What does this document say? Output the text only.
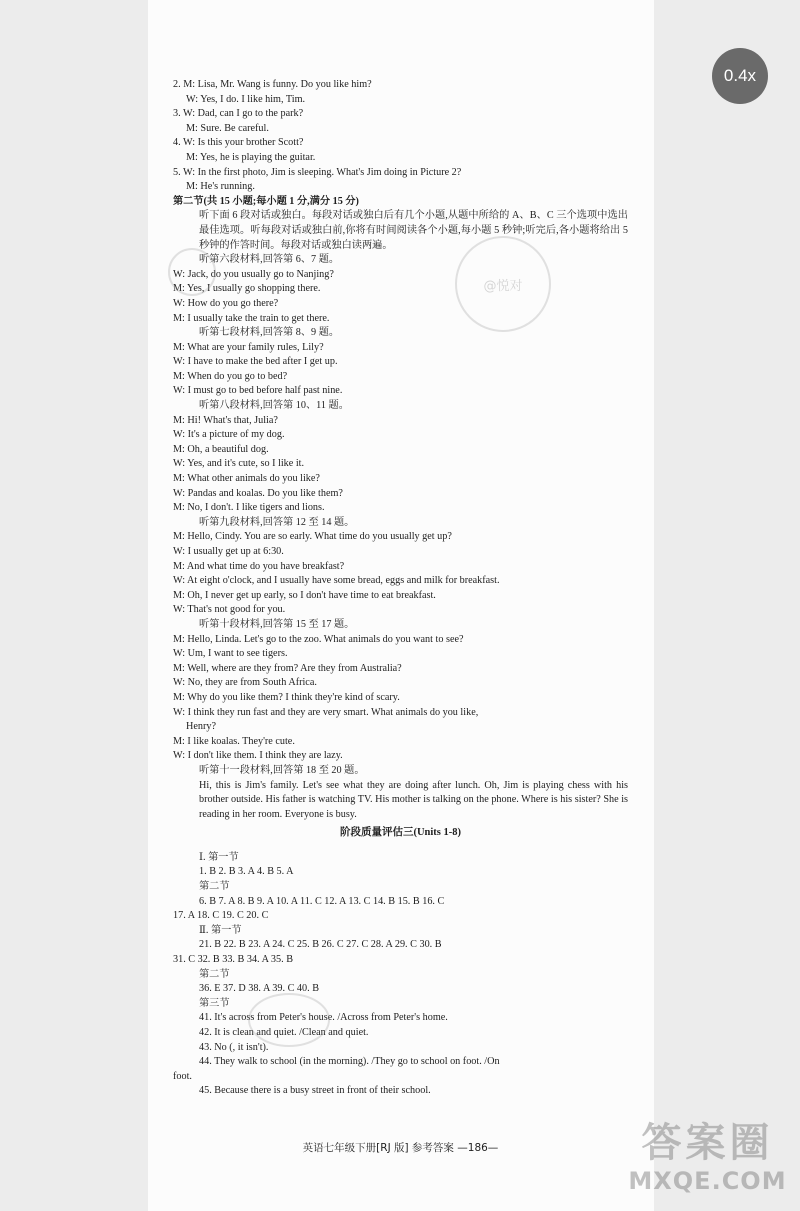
2. M: Lisa, Mr. Wang is funny. Do you like him?
W: Yes, I do. I like him, Tim.
3. W: Dad, can I go to the park?
M: Sure. Be careful.
4. W: Is this your brother Scott?
M: Yes, he is playing the guitar.
5. W: In the first photo, Jim is sleeping. What's Jim doing in Picture 2?
M: He's running.
第二节(共 15 小题;每小题 1 分,满分 15 分)
听下面 6 段对话或独白。每段对话或独白后有几个小题,从题中所给的 A、B、C 三个选项中选出最佳选项。听每段对话或独白前,你将有时间阅读各个小题,每小题 5 秒钟;听完后,各小题将给出 5 秒钟的作答时间。每段对话或独白读两遍。
听第六段材料,回答第 6、7 题。
W: Jack, do you usually go to Nanjing?
M: Yes, I usually go shopping there.
W: How do you go there?
M: I usually take the train to get there.
听第七段材料,回答第 8、9 题。
M: What are your family rules, Lily?
W: I have to make the bed after I get up.
M: When do you go to bed?
W: I must go to bed before half past nine.
听第八段材料,回答第 10、11 题。
M: Hi! What's that, Julia?
W: It's a picture of my dog.
M: Oh, a beautiful dog.
W: Yes, and it's cute, so I like it.
M: What other animals do you like?
W: Pandas and koalas. Do you like them?
M: No, I don't. I like tigers and lions.
听第九段材料,回答第 12 至 14 题。
M: Hello, Cindy. You are so early. What time do you usually get up?
W: I usually get up at 6:30.
M: And what time do you have breakfast?
W: At eight o'clock, and I usually have some bread, eggs and milk for breakfast.
M: Oh, I never get up early, so I don't have time to eat breakfast.
W: That's not good for you.
听第十段材料,回答第 15 至 17 题。
M: Hello, Linda. Let's go to the zoo. What animals do you want to see?
W: Um, I want to see tigers.
M: Well, where are they from? Are they from Australia?
W: No, they are from South Africa.
M: Why do you like them? I think they're kind of scary.
W: I think they run fast and they are very smart. What animals do you like,
Henry?
M: I like koalas. They're cute.
W: I don't like them. I think they are lazy.
听第十一段材料,回答第 18 至 20 题。
Hi, this is Jim's family. Let's see what they are doing after lunch. Oh, Jim is playing chess with his brother outside. His father is watching TV. His mother is talking on the phone. Where is his sister? She is reading in her room. Everyone is busy.
阶段质量评估三(Units 1-8)
Ⅰ. 第一节
1. B 2. B 3. A 4. B 5. A
第二节
6. B 7. A 8. B 9. A 10. A 11. C 12. A 13. C 14. B 15. B 16. C
17. A 18. C 19. C 20. C
Ⅱ. 第一节
21. B 22. B 23. A 24. C 25. B 26. C 27. C 28. A 29. C 30. B
31. C 32. B 33. B 34. A 35. B
第二节
36. E 37. D 38. A 39. C 40. B
第三节
41. It's across from Peter's house. /Across from Peter's home.
42. It is clean and quiet. /Clean and quiet.
43. No (, it isn't).
44. They walk to school (in the morning). /They go to school on foot. /On
foot.
45. Because there is a busy street in front of their school.
@悦对
英语七年级下册[RJ 版] 参考答案 —186—
0.4x
答案圈
MXQE.COM
